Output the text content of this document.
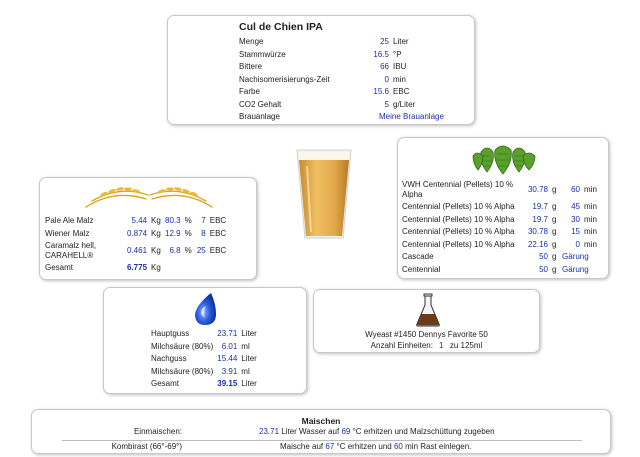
Cul de Chien IPA
Menge	25	Liter
Stammwürze	16.5	°P
Bittere	66	IBU
Nachisomerisierungs-Zeit	0	min
Farbe	15.6	EBC
CO2 Gehalt	5	g/Liter
Brauanlage	Meine Brauanlage	
Pale Ale Malz	5.44	Kg	80.3	%	7	EBC
Wiener Malz	0.874	Kg	12.9	%	8	EBC
Caramalz hell,
CARAHELL®	0.461	Kg	6.8	%	25	EBC
Gesamt	6.775	Kg				
VWH Centennial (Pellets) 10 % Alpha	30.78	g	60	min
Centennial (Pellets) 10 % Alpha	19.7	g	45	min
Centennial (Pellets) 10 % Alpha	19.7	g	30	min
Centennial (Pellets) 10 % Alpha	30.78	g	15	min
Centennial (Pellets) 10 % Alpha	22.16	g	0	min
Cascade	50	g	Gärung	
Centennial	50	g	Gärung	
Hauptguss	23.71	Liter
Milchsäure (80%)	6.01	ml
Nachguss	15.44	Liter
Milchsäure (80%)	3.91	ml
Gesamt	39.15	Liter
Wyeast #1450 Dennys Favorite 50
Anzahl Einheiten: 1 zu 125ml
Maischen
Einmaischen:	23.71 Liter Wasser auf 69 °C erhitzen und Malzschüttung zugeben
Kombirast (66°-69°)	Maische auf 67 °C erhitzen und 60 min Rast einlegen.
